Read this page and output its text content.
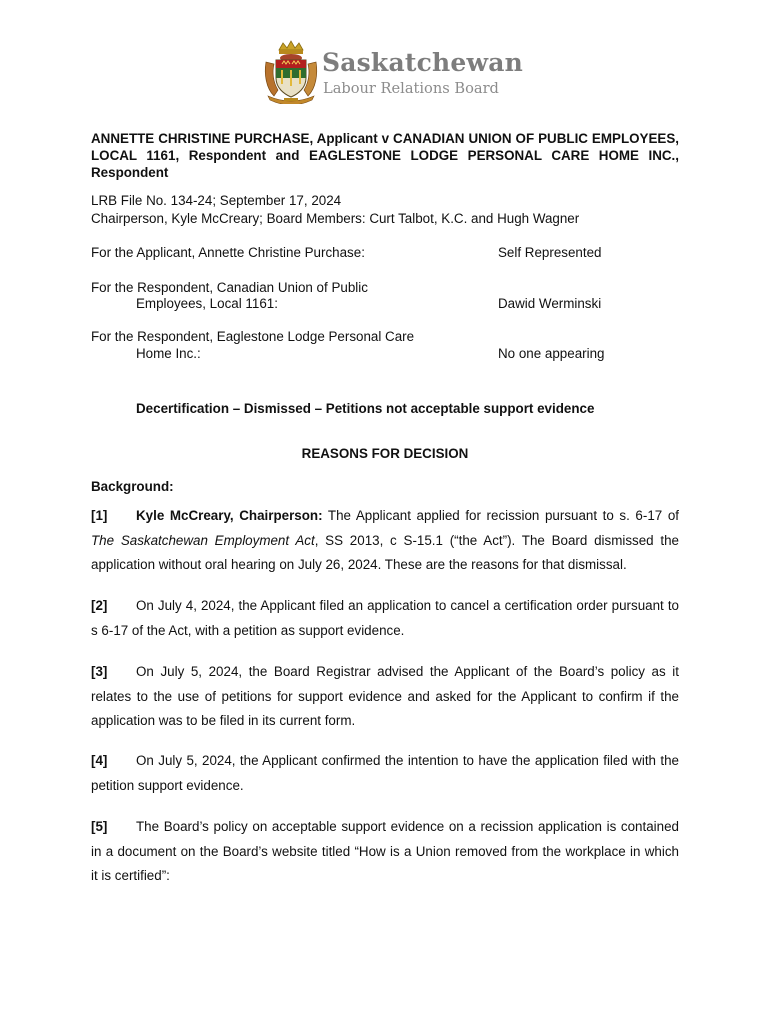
Saskatchewan
Labour Relations Board
ANNETTE CHRISTINE PURCHASE, Applicant v CANADIAN UNION OF PUBLIC EMPLOYEES, LOCAL 1161, Respondent and EAGLESTONE LODGE PERSONAL CARE HOME INC., Respondent
LRB File No. 134-24; September 17, 2024
Chairperson, Kyle McCreary; Board Members: Curt Talbot, K.C. and Hugh Wagner
For the Applicant, Annette Christine Purchase:	Self Represented
For the Respondent, Canadian Union of Public
Employees, Local 1161:	Dawid Werminski
For the Respondent, Eaglestone Lodge Personal Care
Home Inc.:	No one appearing
Decertification – Dismissed – Petitions not acceptable support evidence
REASONS FOR DECISION
Background:
[1] Kyle McCreary, Chairperson: The Applicant applied for recission pursuant to s. 6-17 of The Saskatchewan Employment Act, SS 2013, c S-15.1 (“the Act”). The Board dismissed the application without oral hearing on July 26, 2024. These are the reasons for that dismissal.
[2] On July 4, 2024, the Applicant filed an application to cancel a certification order pursuant to s 6-17 of the Act, with a petition as support evidence.
[3] On July 5, 2024, the Board Registrar advised the Applicant of the Board’s policy as it relates to the use of petitions for support evidence and asked for the Applicant to confirm if the application was to be filed in its current form.
[4] On July 5, 2024, the Applicant confirmed the intention to have the application filed with the petition support evidence.
[5] The Board’s policy on acceptable support evidence on a recission application is contained in a document on the Board’s website titled “How is a Union removed from the workplace in which it is certified”:
